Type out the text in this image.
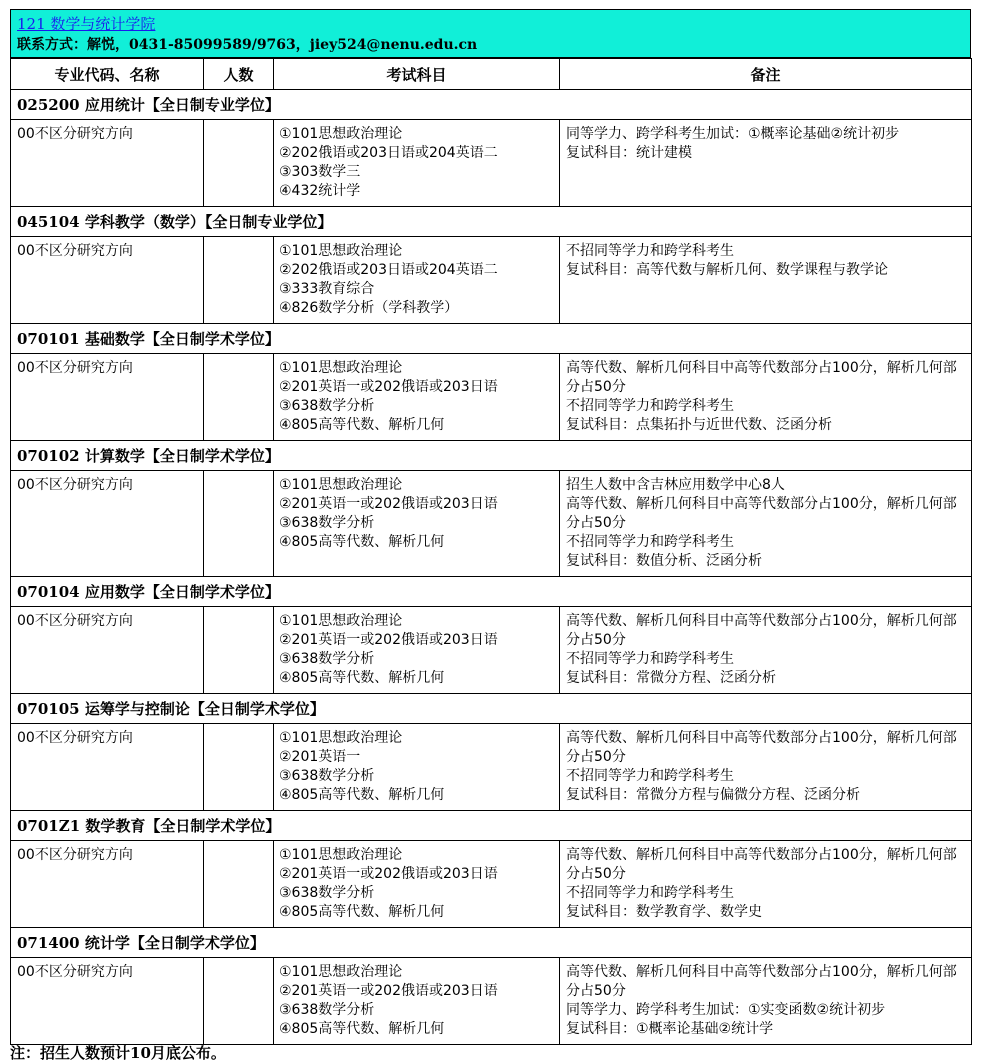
121 数学与统计学院
联系方式：解悦，0431-85099589/9763，jiey524@nenu.edu.cn
专业代码、名称	人数	考试科目	备注
025200 应用统计【全日制专业学位】			
00不区分研究方向		①101思想政治理论
②202俄语或203日语或204英语二
③303数学三
④432统计学	同等学力、跨学科考生加试：①概率论基础②统计初步
复试科目：统计建模

045104 学科教学（数学）【全日制专业学位】			
00不区分研究方向		①101思想政治理论
②202俄语或203日语或204英语二
③333教育综合
④826数学分析（学科教学）	不招同等学力和跨学科考生
复试科目：高等代数与解析几何、数学课程与教学论

070101 基础数学【全日制学术学位】			
00不区分研究方向		①101思想政治理论
②201英语一或202俄语或203日语
③638数学分析
④805高等代数、解析几何	高等代数、解析几何科目中高等代数部分占100分，解析几何部分占50分
不招同等学力和跨学科考生
复试科目：点集拓扑与近世代数、泛函分析

070102 计算数学【全日制学术学位】			
00不区分研究方向		①101思想政治理论
②201英语一或202俄语或203日语
③638数学分析
④805高等代数、解析几何	招生人数中含吉林应用数学中心8人
高等代数、解析几何科目中高等代数部分占100分，解析几何部分占50分
不招同等学力和跨学科考生
复试科目：数值分析、泛函分析

070104 应用数学【全日制学术学位】			
00不区分研究方向		①101思想政治理论
②201英语一或202俄语或203日语
③638数学分析
④805高等代数、解析几何	高等代数、解析几何科目中高等代数部分占100分，解析几何部分占50分
不招同等学力和跨学科考生
复试科目：常微分方程、泛函分析

070105 运筹学与控制论【全日制学术学位】			
00不区分研究方向		①101思想政治理论
②201英语一
③638数学分析
④805高等代数、解析几何	高等代数、解析几何科目中高等代数部分占100分，解析几何部分占50分
不招同等学力和跨学科考生
复试科目：常微分方程与偏微分方程、泛函分析

0701Z1 数学教育【全日制学术学位】			
00不区分研究方向		①101思想政治理论
②201英语一或202俄语或203日语
③638数学分析
④805高等代数、解析几何	高等代数、解析几何科目中高等代数部分占100分，解析几何部分占50分
不招同等学力和跨学科考生
复试科目：数学教育学、数学史

071400 统计学【全日制学术学位】			
00不区分研究方向		①101思想政治理论
②201英语一或202俄语或203日语
③638数学分析
④805高等代数、解析几何	高等代数、解析几何科目中高等代数部分占100分，解析几何部分占50分
同等学力、跨学科考生加试：①实变函数②统计初步
复试科目：①概率论基础②统计学
注：招生人数预计10月底公布。
